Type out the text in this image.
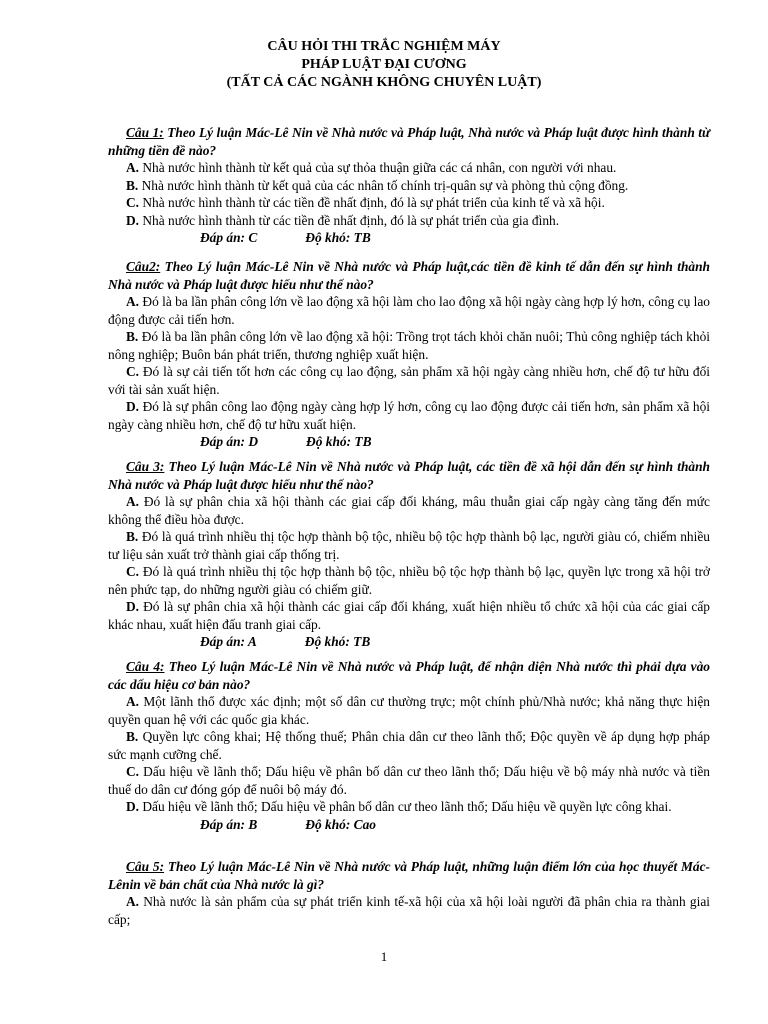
CÂU HỎI THI TRẮC NGHIỆM MÁY
PHÁP LUẬT ĐẠI CƯƠNG
(TẤT CẢ CÁC NGÀNH KHÔNG CHUYÊN LUẬT)
Câu 1: Theo Lý luận Mác-Lê Nin về Nhà nước và Pháp luật, Nhà nước và Pháp luật được hình thành từ những tiền đề nào?
A. Nhà nước hình thành từ kết quả của sự thỏa thuận giữa các cá nhân, con người với nhau.
B. Nhà nước hình thành từ kết quả của các nhân tố chính trị-quân sự và phòng thủ cộng đồng.
C. Nhà nước hình thành từ các tiền đề nhất định, đó là sự phát triển của kinh tế và xã hội.
D. Nhà nước hình thành từ các tiền đề nhất định, đó là sự phát triển của gia đình.
Đáp án: C	Độ khó: TB
Câu2: Theo Lý luận Mác-Lê Nin về Nhà nước và Pháp luật,các tiền đề kinh tế dẫn đến sự hình thành Nhà nước và Pháp luật được hiểu như thế nào?
A. Đó là ba lần phân công lớn về lao động xã hội làm cho lao động xã hội ngày càng hợp lý hơn, công cụ lao động được cải tiến hơn.
B. Đó là ba lần phân công lớn về lao động xã hội: Trồng trọt tách khỏi chăn nuôi; Thủ công nghiệp tách khỏi nông nghiệp; Buôn bán phát triển, thương nghiệp xuất hiện.
C. Đó là sự cải tiến tốt hơn các công cụ lao động, sản phẩm xã hội ngày càng nhiều hơn, chế độ tư hữu đối với tài sản xuất hiện.
D. Đó là sự phân công lao động ngày càng hợp lý hơn, công cụ lao động được cải tiến hơn, sản phẩm xã hội ngày càng nhiều hơn, chế độ tư hữu xuất hiện.
Đáp án: D	Độ khó: TB
Câu 3: Theo Lý luận Mác-Lê Nin về Nhà nước và Pháp luật, các tiền đề xã hội dẫn đến sự hình thành Nhà nước và Pháp luật được hiểu như thế nào?
A. Đó là sự phân chia xã hội thành các giai cấp đối kháng, mâu thuẫn giai cấp ngày càng tăng đến mức không thể điều hòa được.
B. Đó là quá trình nhiều thị tộc hợp thành bộ tộc, nhiều bộ tộc hợp thành bộ lạc, người giàu có, chiếm nhiều tư liệu sản xuất trở thành giai cấp thống trị.
C. Đó là quá trình nhiều thị tộc hợp thành bộ tộc, nhiều bộ tộc hợp thành bộ lạc, quyền lực trong xã hội trở nên phức tạp, do những người giàu có chiếm giữ.
D. Đó là sự phân chia xã hội thành các giai cấp đối kháng, xuất hiện nhiều tổ chức xã hội của các giai cấp khác nhau, xuất hiện đấu tranh giai cấp.
Đáp án: A	Độ khó: TB
Câu 4: Theo Lý luận Mác-Lê Nin về Nhà nước và Pháp luật, để nhận diện Nhà nước thì phải dựa vào các dấu hiệu cơ bản nào?
A. Một lãnh thổ được xác định; một số dân cư thường trực; một chính phủ/Nhà nước; khả năng thực hiện quyền quan hệ với các quốc gia khác.
B. Quyền lực công khai; Hệ thống thuế; Phân chia dân cư theo lãnh thổ; Độc quyền về áp dụng hợp pháp sức mạnh cưỡng chế.
C. Dấu hiệu về lãnh thổ; Dấu hiệu về phân bố dân cư theo lãnh thổ; Dấu hiệu về bộ máy nhà nước và tiền thuế do dân cư đóng góp để nuôi bộ máy đó.
D. Dấu hiệu về lãnh thổ; Dấu hiệu về phân bố dân cư theo lãnh thổ; Dấu hiệu về quyền lực công khai.
Đáp án: B	Độ khó: Cao
Câu 5: Theo Lý luận Mác-Lê Nin về Nhà nước và Pháp luật, những luận điểm lớn của học thuyết Mác- Lênin về bản chất của Nhà nước là gì?
A. Nhà nước là sản phẩm của sự phát triển kinh tế-xã hội của xã hội loài người đã phân chia ra thành giai cấp;
1
